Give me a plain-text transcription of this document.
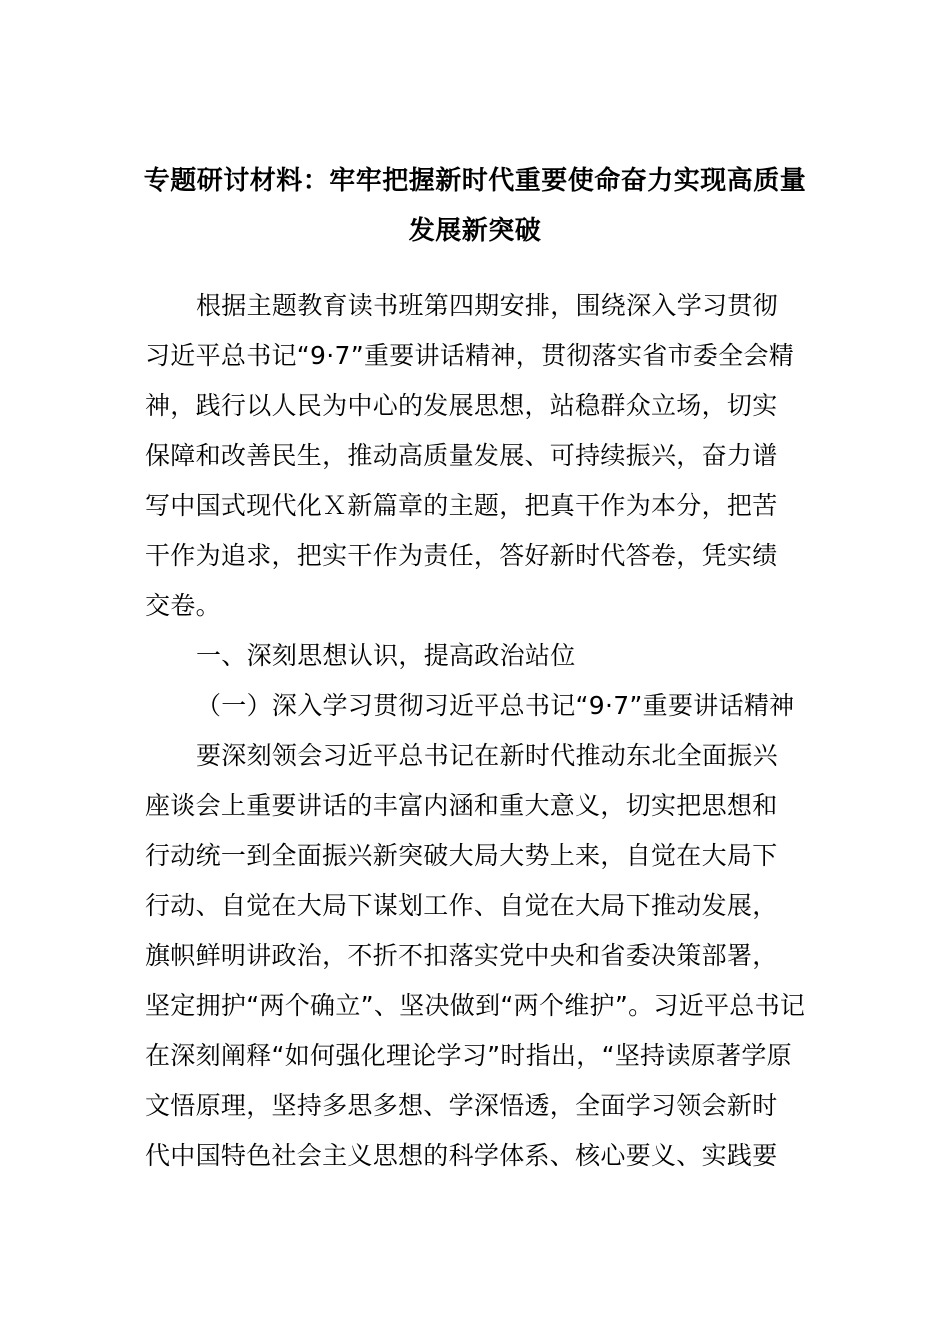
专题研讨材料：牢牢把握新时代重要使命奋力实现高质量
发展新突破
根据主题教育读书班第四期安排，围绕深入学习贯彻
习近平总书记“9·7”重要讲话精神，贯彻落实省市委全会精
神，践行以人民为中心的发展思想，站稳群众立场，切实
保障和改善民生，推动高质量发展、可持续振兴，奋力谱
写中国式现代化Ｘ新篇章的主题，把真干作为本分，把苦
干作为追求，把实干作为责任，答好新时代答卷，凭实绩
交卷。
一、深刻思想认识，提高政治站位
（一）深入学习贯彻习近平总书记“9·7”重要讲话精神
要深刻领会习近平总书记在新时代推动东北全面振兴
座谈会上重要讲话的丰富内涵和重大意义，切实把思想和
行动统一到全面振兴新突破大局大势上来，自觉在大局下
行动、自觉在大局下谋划工作、自觉在大局下推动发展，
旗帜鲜明讲政治，不折不扣落实党中央和省委决策部署，
坚定拥护“两个确立”、坚决做到“两个维护”。习近平总书记
在深刻阐释“如何强化理论学习”时指出，“坚持读原著学原
文悟原理，坚持多思多想、学深悟透，全面学习领会新时
代中国特色社会主义思想的科学体系、核心要义、实践要
